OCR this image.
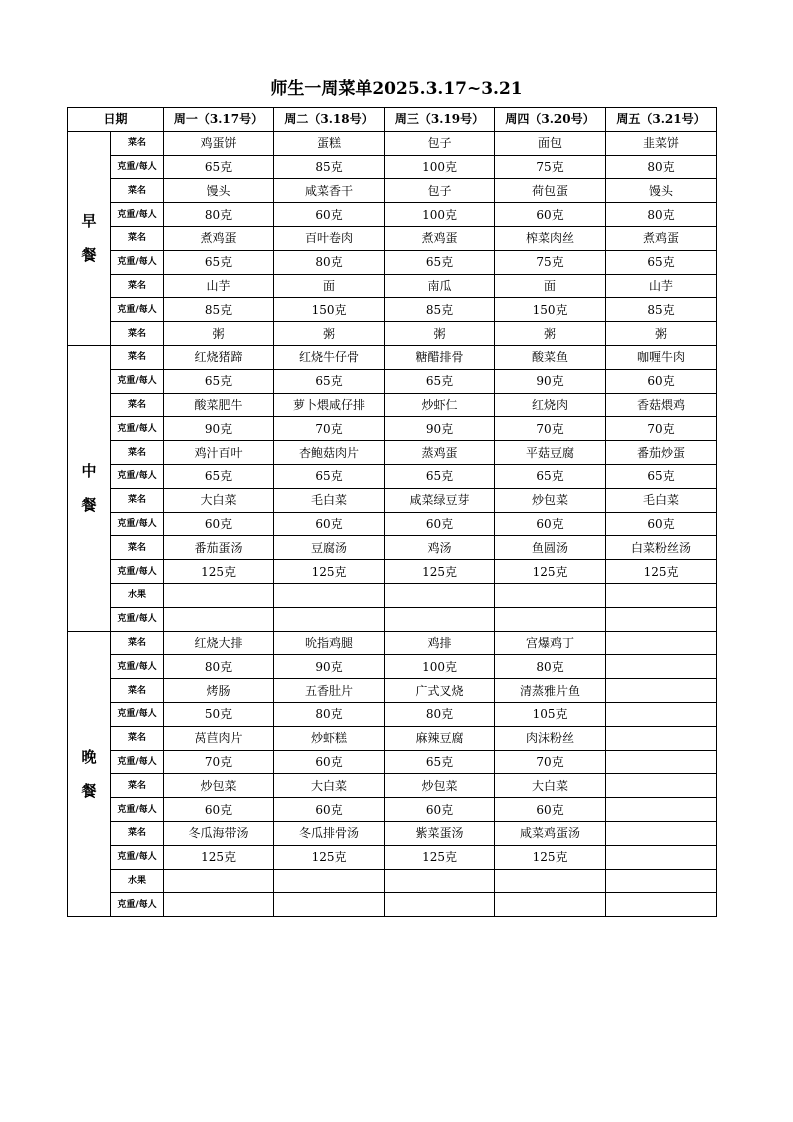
师生一周菜单2025.3.17~3.21
日期		周一（3.17号）	周二（3.18号）	周三（3.19号）	周四（3.20号）	周五（3.21号）

早
餐	菜名	鸡蛋饼	蛋糕	包子	面包	韭菜饼
	克重/每人	65克	85克	100克	75克	80克
	菜名	馒头	咸菜香干	包子	荷包蛋	馒头
	克重/每人	80克	60克	100克	60克	80克
	菜名	煮鸡蛋	百叶卷肉	煮鸡蛋	榨菜肉丝	煮鸡蛋
	克重/每人	65克	80克	65克	75克	65克
	菜名	山芋	面	南瓜	面	山芋
	克重/每人	85克	150克	85克	150克	85克
	菜名	粥	粥	粥	粥	粥

中
餐	菜名	红烧猪蹄	红烧牛仔骨	糖醋排骨	酸菜鱼	咖喱牛肉
	克重/每人	65克	65克	65克	90克	60克
	菜名	酸菜肥牛	萝卜煨咸仔排	炒虾仁	红烧肉	香菇煨鸡
	克重/每人	90克	70克	90克	70克	70克
	菜名	鸡汁百叶	杏鲍菇肉片	蒸鸡蛋	平菇豆腐	番茄炒蛋
	克重/每人	65克	65克	65克	65克	65克
	菜名	大白菜	毛白菜	咸菜绿豆芽	炒包菜	毛白菜
	克重/每人	60克	60克	60克	60克	60克
	菜名	番茄蛋汤	豆腐汤	鸡汤	鱼圆汤	白菜粉丝汤
	克重/每人	125克	125克	125克	125克	125克
	水果					
	克重/每人					

晚
餐	菜名	红烧大排	吮指鸡腿	鸡排	宫爆鸡丁	
	克重/每人	80克	90克	100克	80克	
	菜名	烤肠	五香肚片	广式叉烧	清蒸雅片鱼	
	克重/每人	50克	80克	80克	105克	
	菜名	莴苣肉片	炒虾糕	麻辣豆腐	肉沫粉丝	
	克重/每人	70克	60克	65克	70克	
	菜名	炒包菜	大白菜	炒包菜	大白菜	
	克重/每人	60克	60克	60克	60克	
	菜名	冬瓜海带汤	冬瓜排骨汤	紫菜蛋汤	咸菜鸡蛋汤	
	克重/每人	125克	125克	125克	125克	
	水果					
	克重/每人					
